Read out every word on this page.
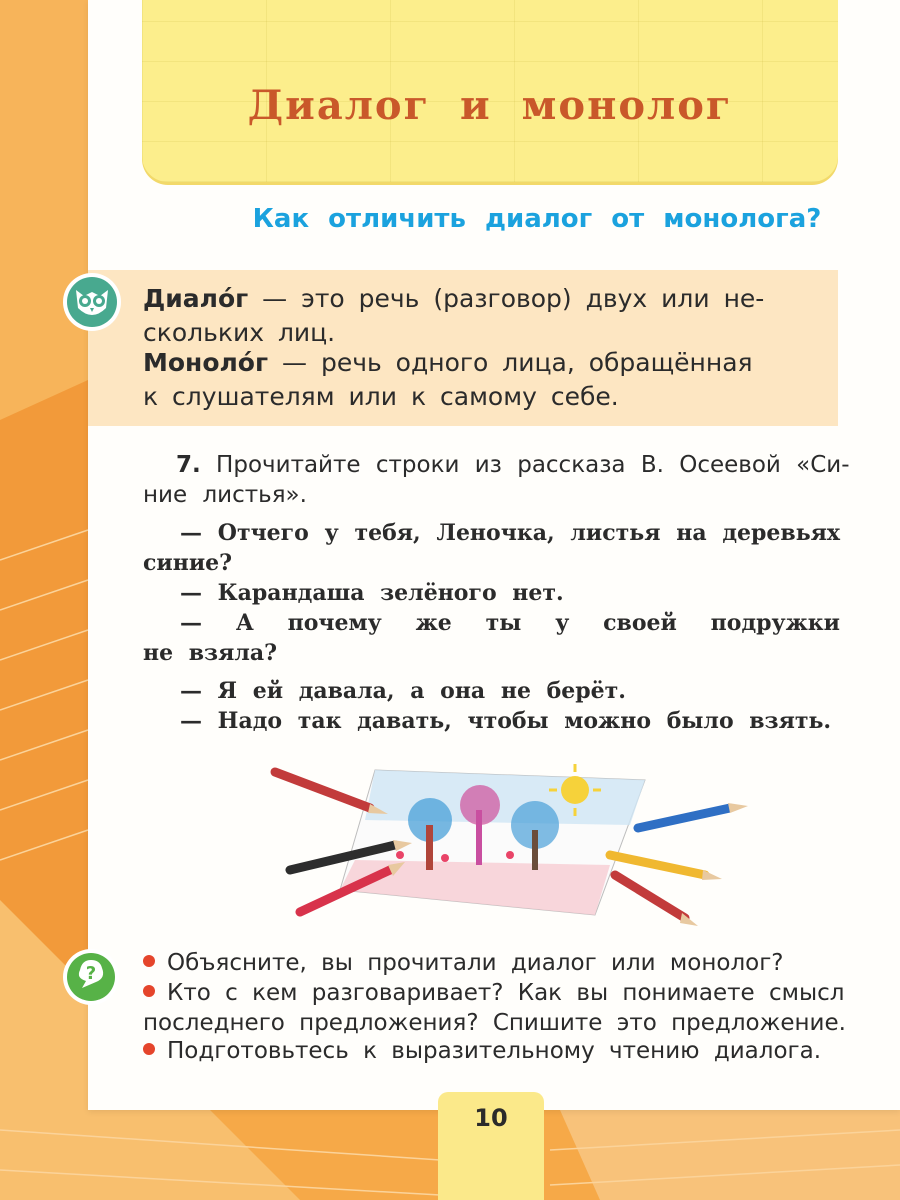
Диалог и монолог
Как отличить диалог от монолога?
Диало́г — это речь (разговор) двух или не-
скольких лиц.
Моноло́г — речь одного лица, обращённая
к слушателям или к самому себе.
7. Прочитайте строки из рассказа В. Осеевой «Си-
ние листья».
— Отчего у тебя, Леночка, листья на деревьях
синие?
— Карандаша зелёного нет.
— А почему же ты у своей подружки
не взяла?
— Я ей давала, а она не берёт.
— Надо так давать, чтобы можно было взять.
?	Объясните, вы прочитали диалог или монолог?
Кто с кем разговаривает? Как вы понимаете смысл
последнего предложения? Спишите это предложение.
Подготовьтесь к выразительному чтению диалога.
10
